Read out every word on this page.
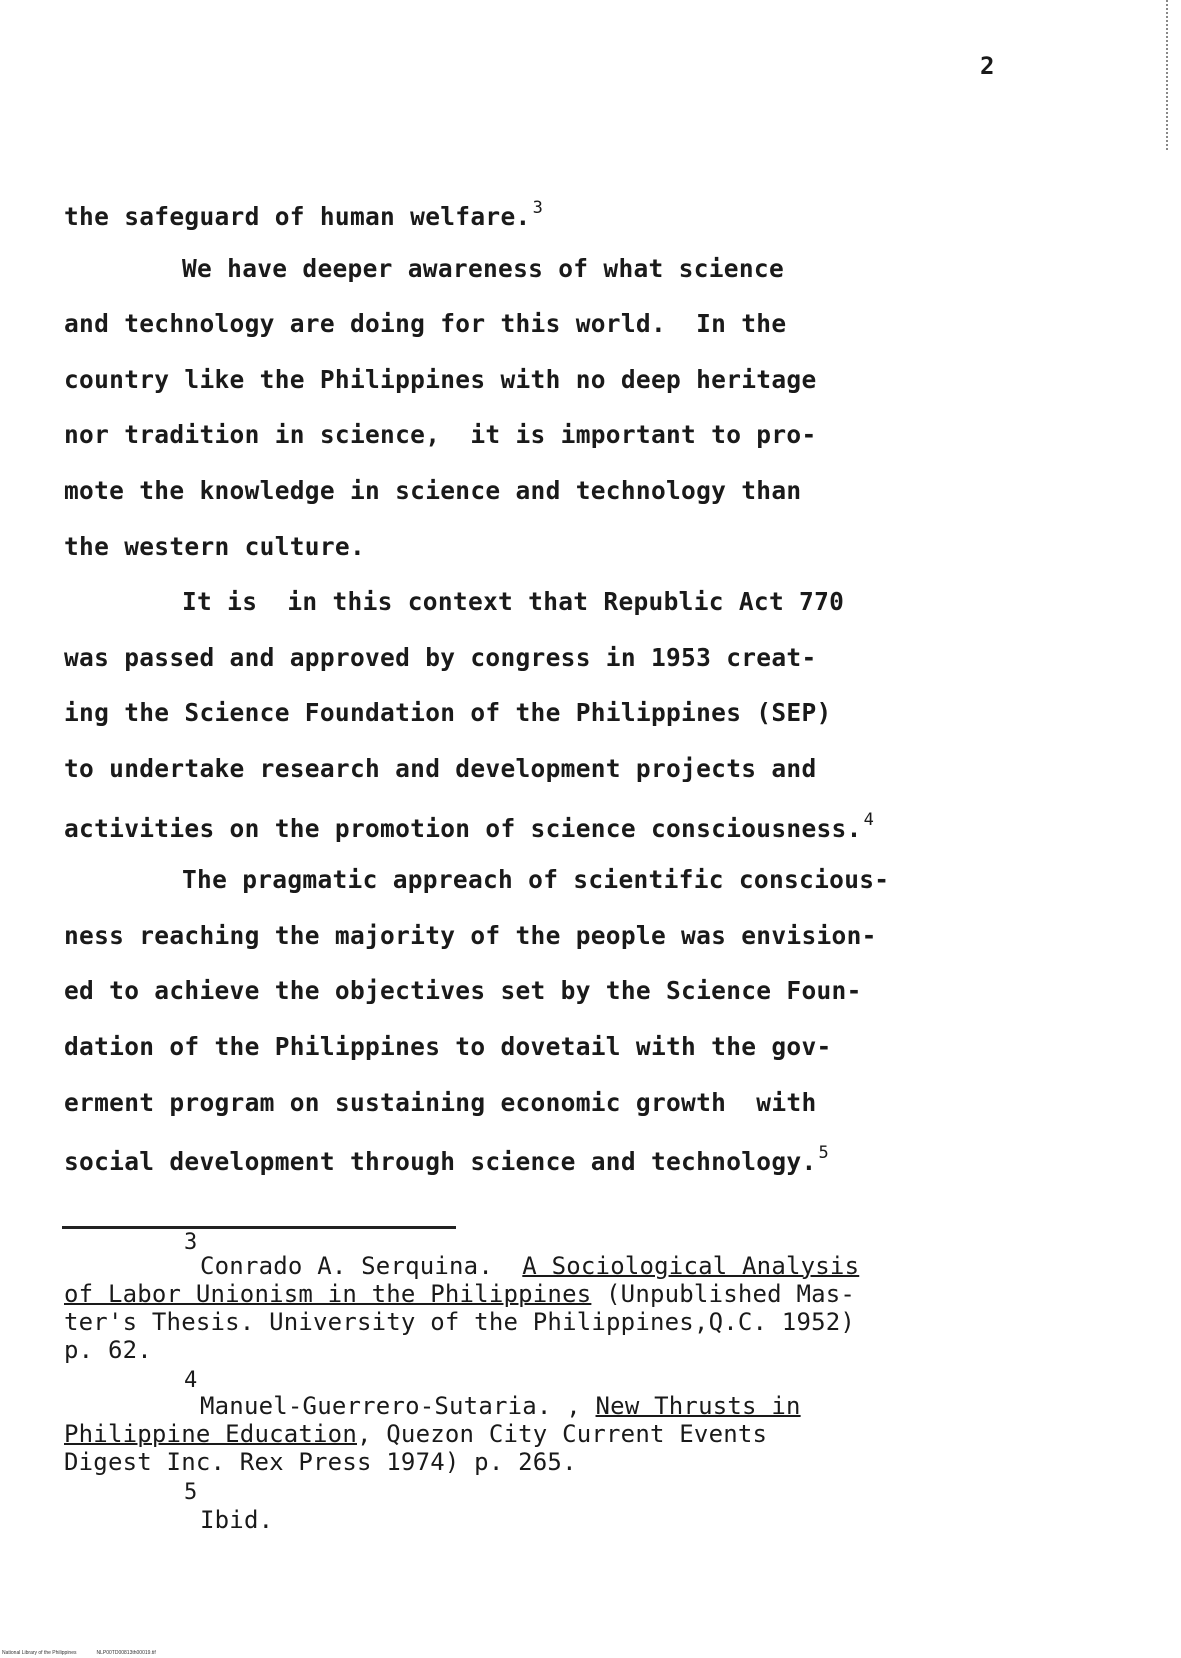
2
the safeguard of human welfare. $^3$
We have deeper awareness of what science
and technology are doing for this world.  In the
country like the Philippines with no deep heritage
nor tradition in science,  it is important to pro-
mote the knowledge in science and technology than
the western culture.
It is  in this context that Republic Act 770
was passed and approved by congress in 1953 creat-
ing the Science Foundation of the Philippines (SEP)
to undertake research and development projects and
activities on the promotion of science consciousness. $^4$
The pragmatic appreach of scientific conscious-
ness reaching the majority of the people was envision-
ed to achieve the objectives set by the Science Foun-
dation of the Philippines to dovetail with the gov-
erment program on sustaining economic growth  with
social development through science and technology. $^5$
3
Conrado A. Serquina.  A Sociological Analysis
of Labor Unionism in the Philippines (Unpublished Mas-
ter's Thesis. University of the Philippines,Q.C. 1952)
p. 62.
4
Manuel-Guerrero-Sutaria. , New Thrusts in
Philippine Education, Quezon City Current Events
Digest Inc. Rex Press 1974) p. 265.
5
Ibid.
National Library of the Philippines	NLP00TD00813th00019.tif
